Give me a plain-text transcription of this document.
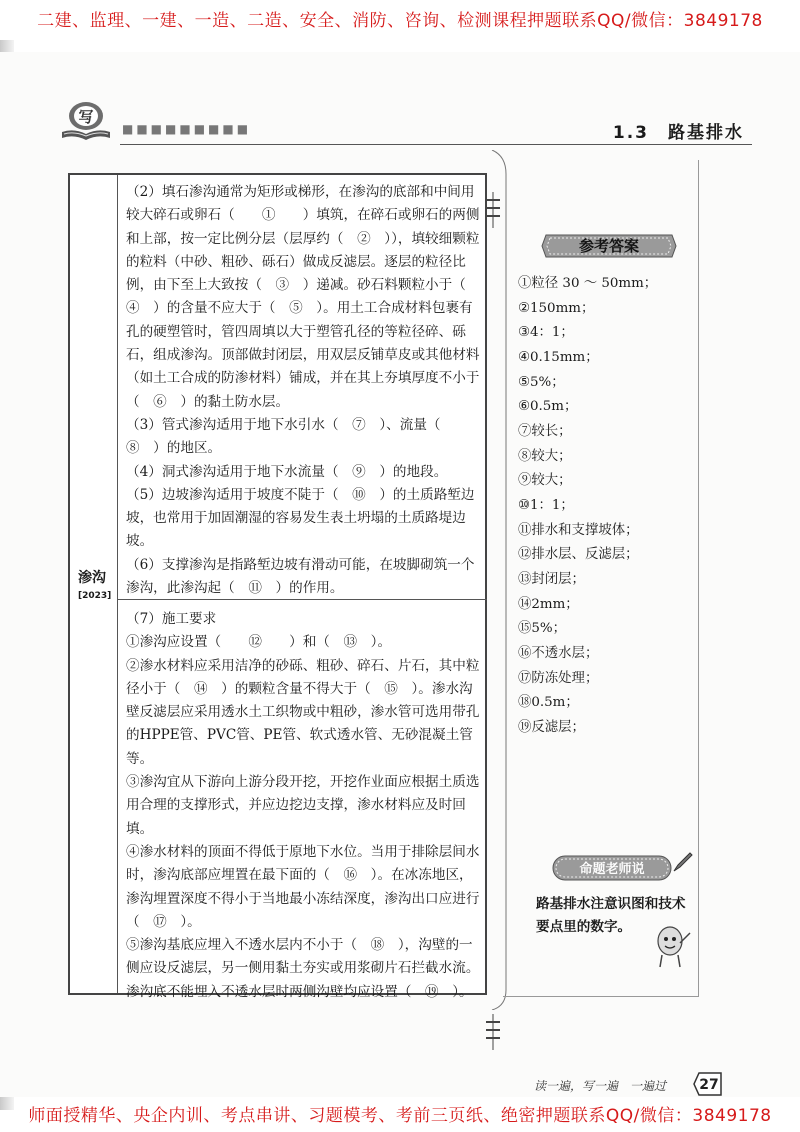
二建、监理、一建、一造、二造、安全、消防、咨询、检测课程押题联系QQ/微信：3849178
写
■■■■■■■■■	1.3　路基排水
渗沟
[2023]

（2）填石渗沟通常为矩形或梯形，在渗沟的底部和中间用较大碎石或卵石（　　①　　）填筑，在碎石或卵石的两侧和上部，按一定比例分层（层厚约（　②　）），填较细颗粒的粒料（中砂、粗砂、砾石）做成反滤层。逐层的粒径比例，由下至上大致按（　③　）递减。砂石料颗粒小于（　④　）的含量不应大于（　⑤　）。用土工合成材料包裹有孔的硬塑管时，管四周填以大于塑管孔径的等粒径碎、砾石，组成渗沟。顶部做封闭层，用双层反铺草皮或其他材料（如土工合成的防渗材料）铺成，并在其上夯填厚度不小于（　⑥　）的黏土防水层。

（3）管式渗沟适用于地下水引水（　⑦　）、流量（　⑧　）的地区。

（4）洞式渗沟适用于地下水流量（　⑨　）的地段。

（5）边坡渗沟适用于坡度不陡于（　⑩　）的土质路堑边坡，也常用于加固潮湿的容易发生表土坍塌的土质路堤边坡。

（6）支撑渗沟是指路堑边坡有滑动可能，在坡脚砌筑一个渗沟，此渗沟起（　⑪　）的作用。

（7）施工要求

①渗沟应设置（　　⑫　　）和（　⑬　）。

②渗水材料应采用洁净的砂砾、粗砂、碎石、片石，其中粒径小于（　⑭　）的颗粒含量不得大于（　⑮　）。渗水沟壁反滤层应采用透水土工织物或中粗砂，渗水管可选用带孔的HPPE管、PVC管、PE管、软式透水管、无砂混凝土管等。

③渗沟宜从下游向上游分段开挖，开挖作业面应根据土质选用合理的支撑形式，并应边挖边支撑，渗水材料应及时回填。

④渗水材料的顶面不得低于原地下水位。当用于排除层间水时，渗沟底部应埋置在最下面的（　⑯　）。在冰冻地区，渗沟埋置深度不得小于当地最小冻结深度，渗沟出口应进行（　⑰　）。

⑤渗沟基底应埋入不透水层内不小于（　⑱　），沟壁的一侧应设反滤层，另一侧用黏土夯实或用浆砌片石拦截水流。渗沟底不能埋入不透水层时两侧沟壁均应设置（　⑲　）。

参考答案
①粒径 30 ～ 50mm；
②150mm；
③4：1；
④0.15mm；
⑤5%；
⑥0.5m；
⑦较长；
⑧较大；
⑨较大；
⑩1：1；
⑪排水和支撑坡体；
⑫排水层、反滤层；
⑬封闭层；
⑭2mm；
⑮5%；
⑯不透水层；
⑰防冻处理；
⑱0.5m；
⑲反滤层；
命题老师说
路基排水注意识图和技术要点里的数字。
读一遍，写一遍　一遍过 27
师面授精华、央企内训、考点串讲、习题模考、考前三页纸、绝密押题联系QQ/微信：3849178
